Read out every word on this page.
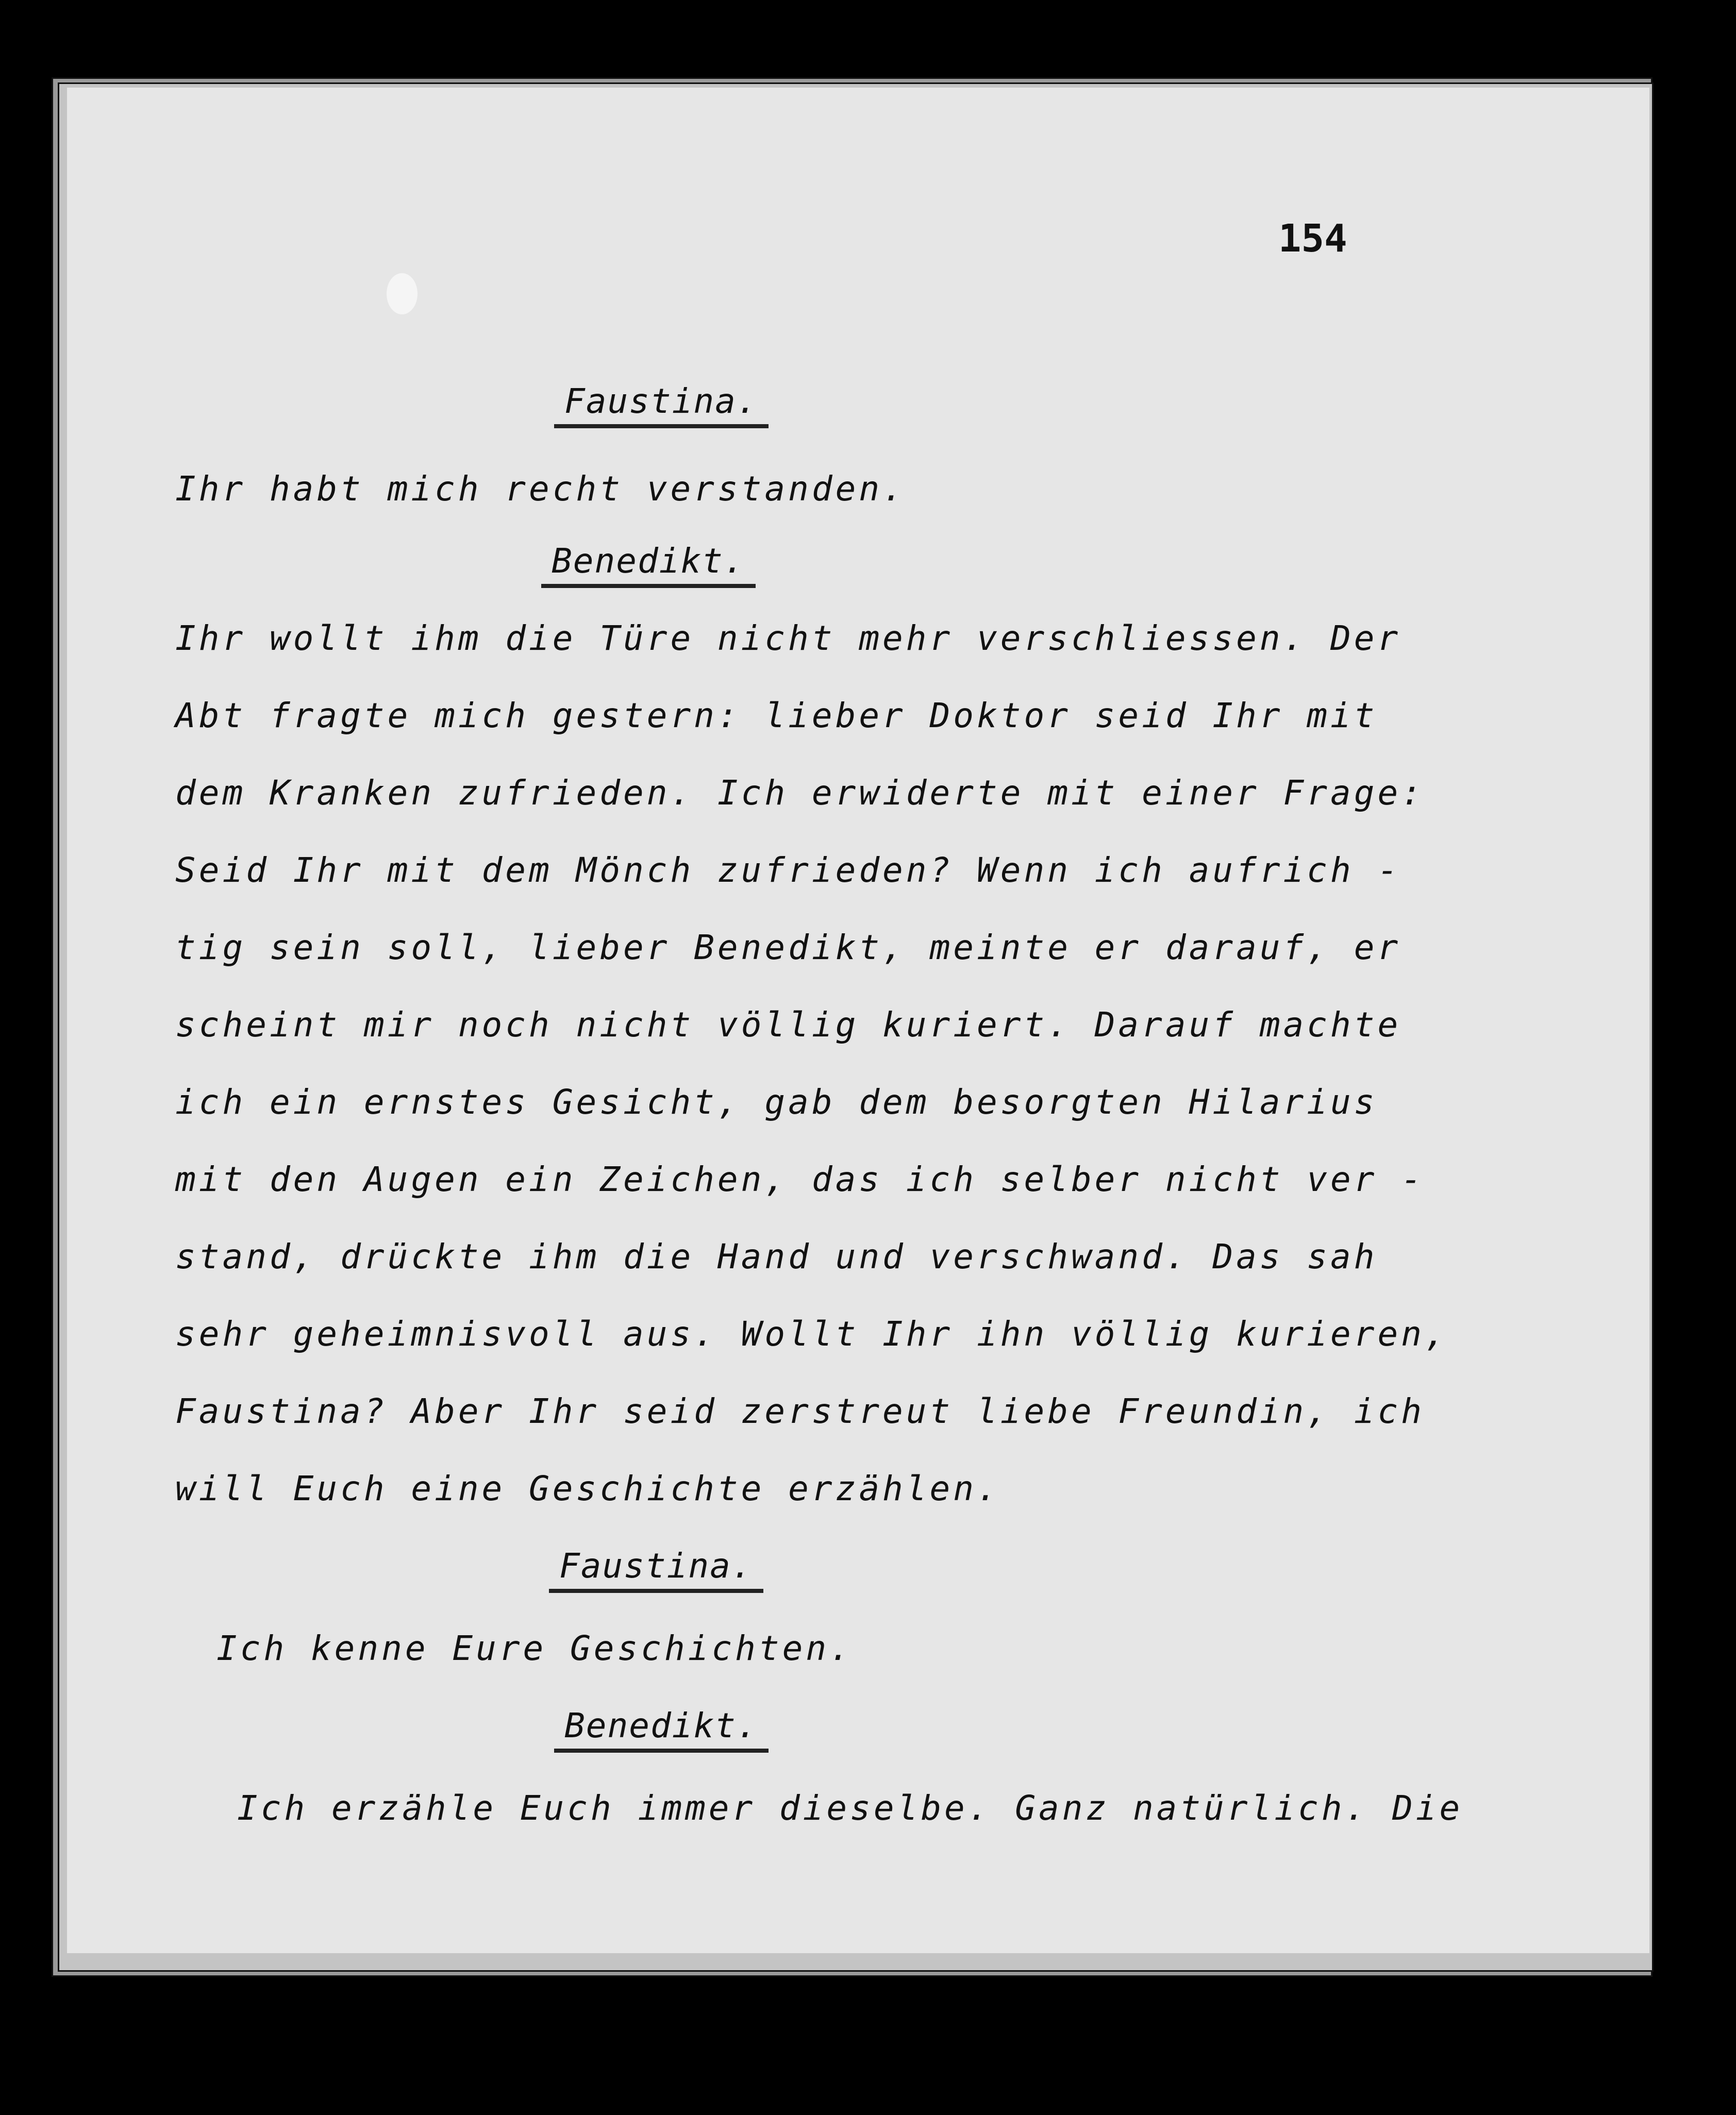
154
Faustina.
Ihr habt mich recht verstanden.
Benedikt.
Ihr wollt ihm die Türe nicht mehr verschliessen. Der
Abt fragte mich gestern: lieber Doktor seid Ihr mit
dem Kranken zufrieden. Ich erwiderte mit einer Frage:
Seid Ihr mit dem Mönch zufrieden? Wenn ich aufrich -
tig sein soll, lieber Benedikt, meinte er darauf, er
scheint mir noch nicht völlig kuriert. Darauf machte
ich ein ernstes Gesicht, gab dem besorgten Hilarius
mit den Augen ein Zeichen, das ich selber nicht ver -
stand, drückte ihm die Hand und verschwand. Das sah
sehr geheimnisvoll aus. Wollt Ihr ihn völlig kurieren,
Faustina? Aber Ihr seid zerstreut liebe Freundin, ich
will Euch eine Geschichte erzählen.
Faustina.
Ich kenne Eure Geschichten.
Benedikt.
Ich erzähle Euch immer dieselbe. Ganz natürlich. Die
